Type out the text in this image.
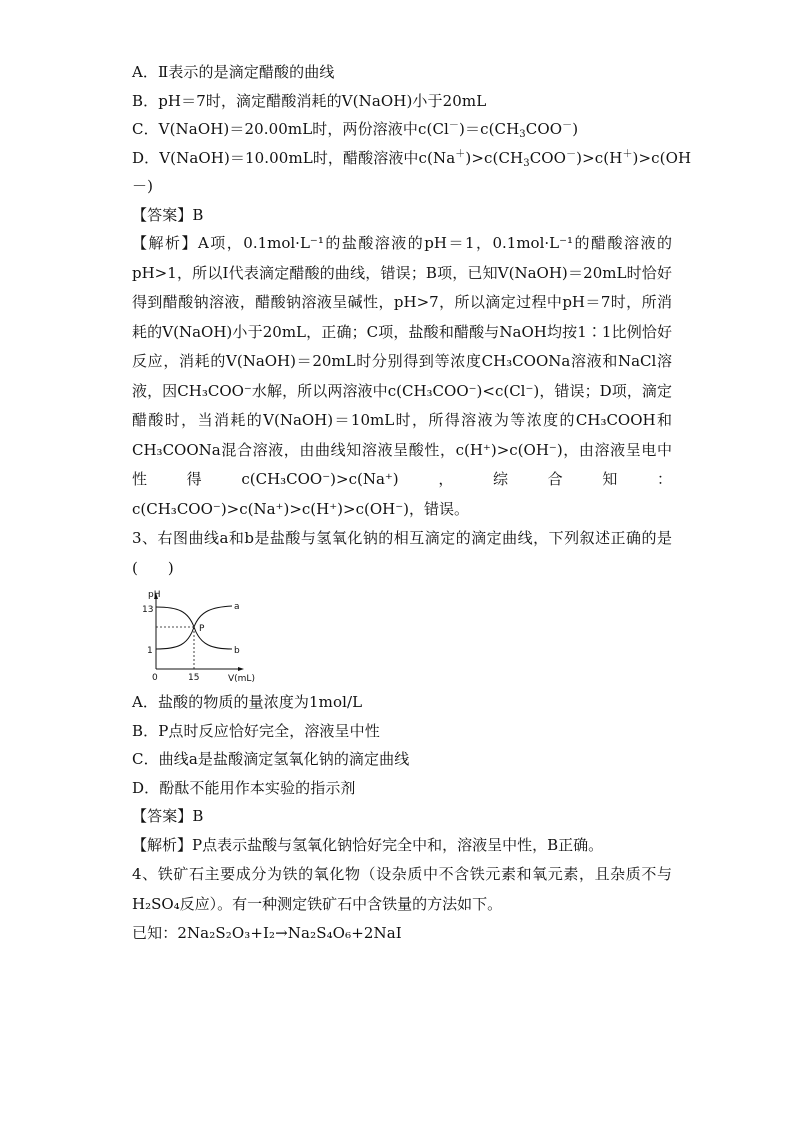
A．Ⅱ表示的是滴定醋酸的曲线
B．pH＝7时，滴定醋酸消耗的V(NaOH)小于20mL
C．V(NaOH)＝20.00mL时，两份溶液中$c(Cl^-)=c(CH_3COO^-)$
D．V(NaOH)＝10.00mL时，醋酸溶液中$c(Na^+)>c(CH_3COO^-)>c(H^+)>c(OH$
－)
【答案】B
【解析】A项，0.1mol·L⁻¹的盐酸溶液的pH＝1，0.1mol·L⁻¹的醋酸溶液的pH>1，所以Ⅰ代表滴定醋酸的曲线，错误；B项，已知V(NaOH)＝20mL时恰好得到醋酸钠溶液，醋酸钠溶液呈碱性，pH>7，所以滴定过程中pH＝7时，所消耗的V(NaOH)小于20mL，正确；C项，盐酸和醋酸与NaOH均按1∶1比例恰好反应，消耗的V(NaOH)＝20mL时分别得到等浓度CH₃COONa溶液和NaCl溶液，因CH₃COO⁻水解，所以两溶液中c(CH₃COO⁻)<c(Cl⁻)，错误；D项，滴定醋酸时，当消耗的V(NaOH)＝10mL时，所得溶液为等浓度的CH₃COOH和CH₃COONa混合溶液，由曲线知溶液呈酸性，c(H⁺)>c(OH⁻)，由溶液呈电中性得c(CH₃COO⁻)>c(Na⁺)，综合知：c(CH₃COO⁻)>c(Na⁺)>c(H⁺)>c(OH⁻)，错误。
3、右图曲线a和b是盐酸与氢氧化钠的相互滴定的滴定曲线，下列叙述正确的是(　　)
pH
V(mL)
13
1
0	15
P
a
b
A．盐酸的物质的量浓度为1mol/L
B．P点时反应恰好完全，溶液呈中性
C．曲线a是盐酸滴定氢氧化钠的滴定曲线
D．酚酞不能用作本实验的指示剂
【答案】B
【解析】P点表示盐酸与氢氧化钠恰好完全中和，溶液呈中性，B正确。
4、铁矿石主要成分为铁的氧化物（设杂质中不含铁元素和氧元素，且杂质不与H₂SO₄反应）。有一种测定铁矿石中含铁量的方法如下。
已知：2Na₂S₂O₃+I₂→Na₂S₄O₆+2NaI
